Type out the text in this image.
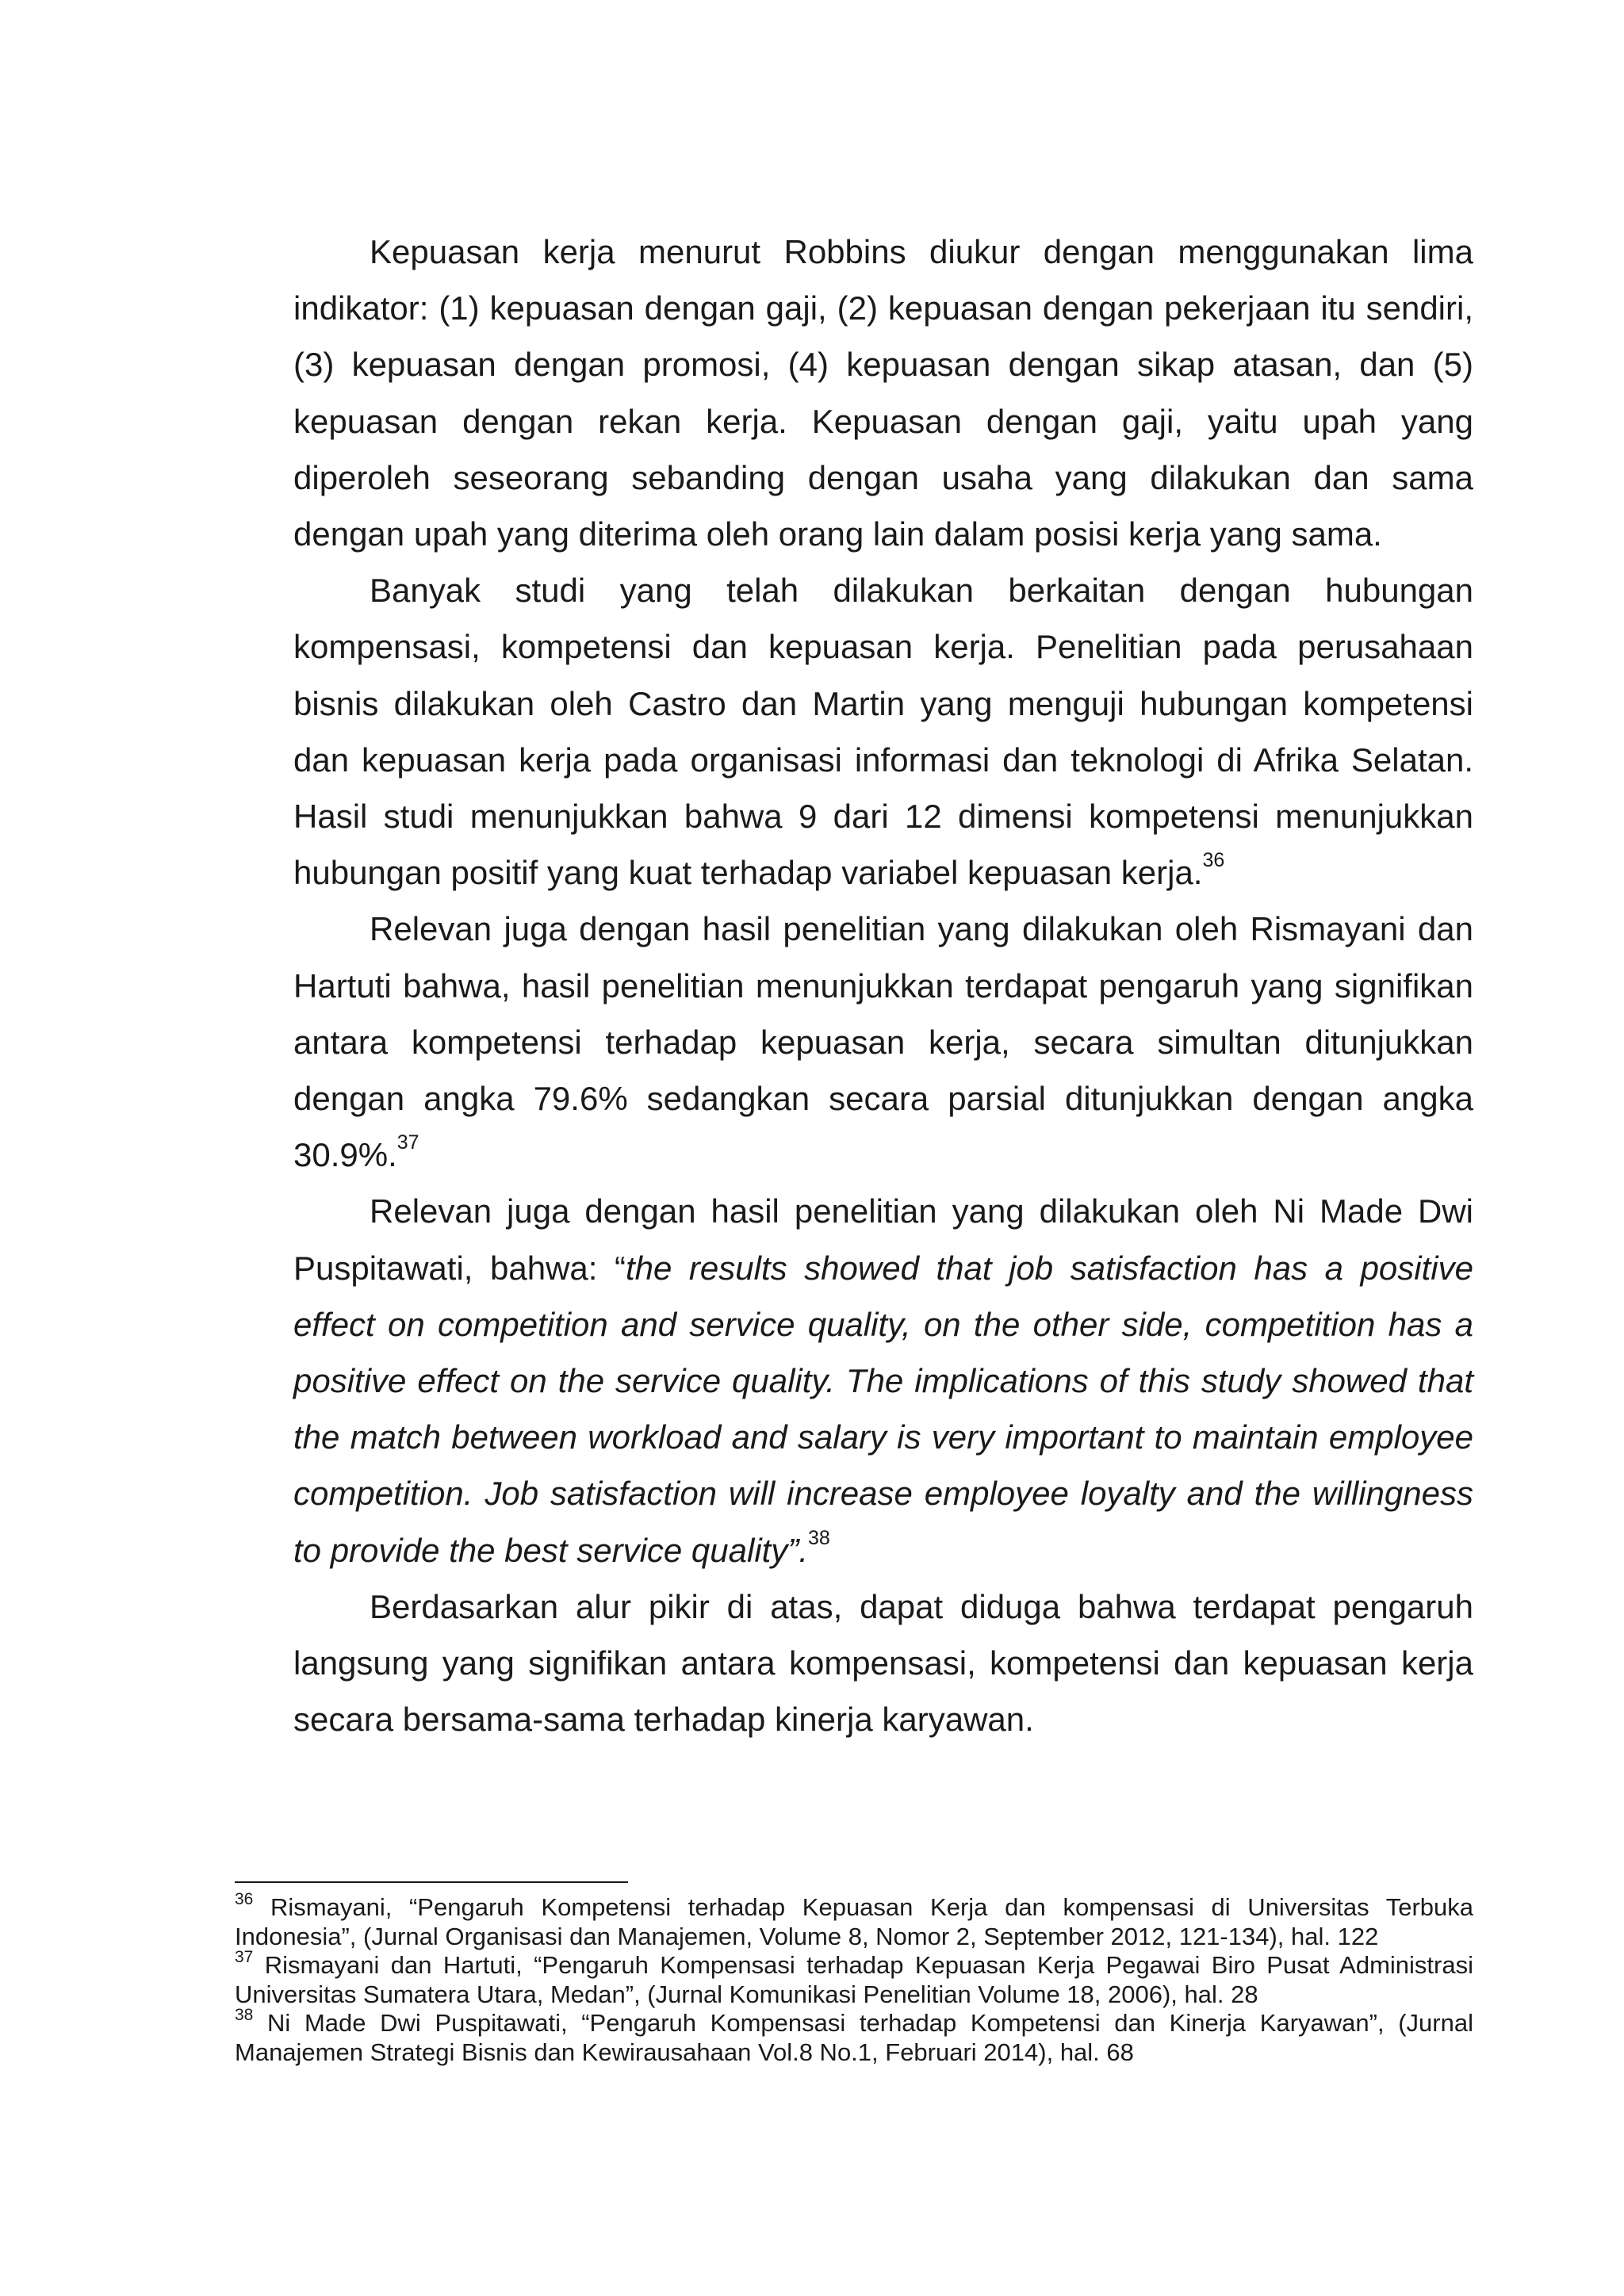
Kepuasan kerja menurut Robbins diukur dengan menggunakan lima indikator: (1) kepuasan dengan gaji, (2) kepuasan dengan pekerjaan itu sendiri, (3) kepuasan dengan promosi, (4) kepuasan dengan sikap atasan, dan (5) kepuasan dengan rekan kerja. Kepuasan dengan gaji, yaitu upah yang diperoleh seseorang sebanding dengan usaha yang dilakukan dan sama dengan upah yang diterima oleh orang lain dalam posisi kerja yang sama.

Banyak studi yang telah dilakukan berkaitan dengan hubungan kompensasi, kompetensi dan kepuasan kerja. Penelitian pada perusahaan bisnis dilakukan oleh Castro dan Martin yang menguji hubungan kompetensi dan kepuasan kerja pada organisasi informasi dan teknologi di Afrika Selatan. Hasil studi menunjukkan bahwa 9 dari 12 dimensi kompetensi menunjukkan hubungan positif yang kuat terhadap variabel kepuasan kerja.$^{36}$

Relevan juga dengan hasil penelitian yang dilakukan oleh Rismayani dan Hartuti bahwa, hasil penelitian menunjukkan terdapat pengaruh yang signifikan antara kompetensi terhadap kepuasan kerja, secara simultan ditunjukkan dengan angka 79.6% sedangkan secara parsial ditunjukkan dengan angka 30.9%.$^{37}$

Relevan juga dengan hasil penelitian yang dilakukan oleh Ni Made Dwi Puspitawati, bahwa: “the results showed that job satisfaction has a positive effect on competition and service quality, on the other side, competition has a positive effect on the service quality. The implications of this study showed that the match between workload and salary is very important to maintain employee competition. Job satisfaction will increase employee loyalty and the willingness to provide the best service quality”.$^{38}$

Berdasarkan alur pikir di atas, dapat diduga bahwa terdapat pengaruh langsung yang signifikan antara kompensasi, kompetensi dan kepuasan kerja secara bersama-sama terhadap kinerja karyawan.

$^{36}$ Rismayani, “Pengaruh Kompetensi terhadap Kepuasan Kerja dan kompensasi di Universitas Terbuka Indonesia”, (Jurnal Organisasi dan Manajemen, Volume 8, Nomor 2, September 2012, 121-134), hal. 122

$^{37}$ Rismayani dan Hartuti, “Pengaruh Kompensasi terhadap Kepuasan Kerja Pegawai Biro Pusat Administrasi Universitas Sumatera Utara, Medan”, (Jurnal Komunikasi Penelitian Volume 18, 2006), hal. 28

$^{38}$ Ni Made Dwi Puspitawati, “Pengaruh Kompensasi terhadap Kompetensi dan Kinerja Karyawan”, (Jurnal Manajemen Strategi Bisnis dan Kewirausahaan Vol.8 No.1, Februari 2014), hal. 68
